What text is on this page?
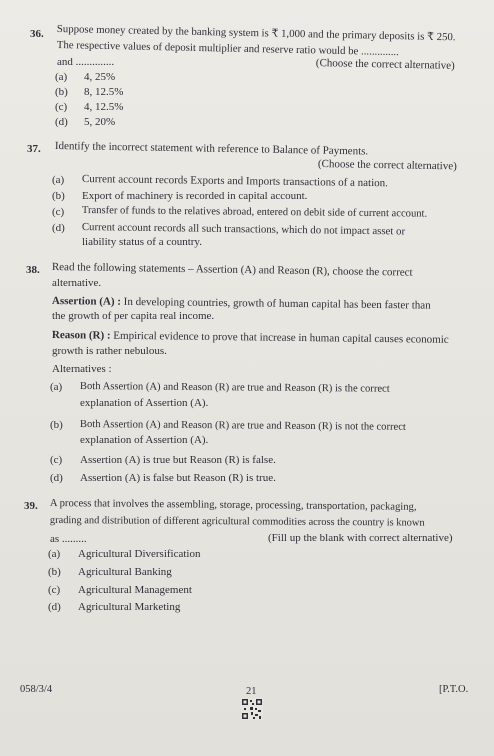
36. Suppose money created by the banking system is ₹ 1,000 and the primary deposits is ₹ 250.
The respective values of deposit multiplier and reserve ratio would be ..............
and ..............	(Choose the correct alternative)
(a) 4, 25%
(b) 8, 12.5%
(c) 4, 12.5%
(d) 5, 20%
37. Identify the incorrect statement with reference to Balance of Payments.
(Choose the correct alternative)
(a) Current account records Exports and Imports transactions of a nation.
(b) Export of machinery is recorded in capital account.
(c) Transfer of funds to the relatives abroad, entered on debit side of current account.
(d) Current account records all such transactions, which do not impact asset or
liability status of a country.
38. Read the following statements – Assertion (A) and Reason (R), choose the correct
alternative.
Assertion (A) : In developing countries, growth of human capital has been faster than
the growth of per capita real income.
Reason (R) : Empirical evidence to prove that increase in human capital causes economic
growth is rather nebulous.
Alternatives :
(a) Both Assertion (A) and Reason (R) are true and Reason (R) is the correct
explanation of Assertion (A).
(b) Both Assertion (A) and Reason (R) are true and Reason (R) is not the correct
explanation of Assertion (A).
(c) Assertion (A) is true but Reason (R) is false.
(d) Assertion (A) is false but Reason (R) is true.
39. A process that involves the assembling, storage, processing, transportation, packaging,
grading and distribution of different agricultural commodities across the country is known
as .........	(Fill up the blank with correct alternative)
(a) Agricultural Diversification
(b) Agricultural Banking
(c) Agricultural Management
(d) Agricultural Marketing
058/3/4	21	[P.T.O.
